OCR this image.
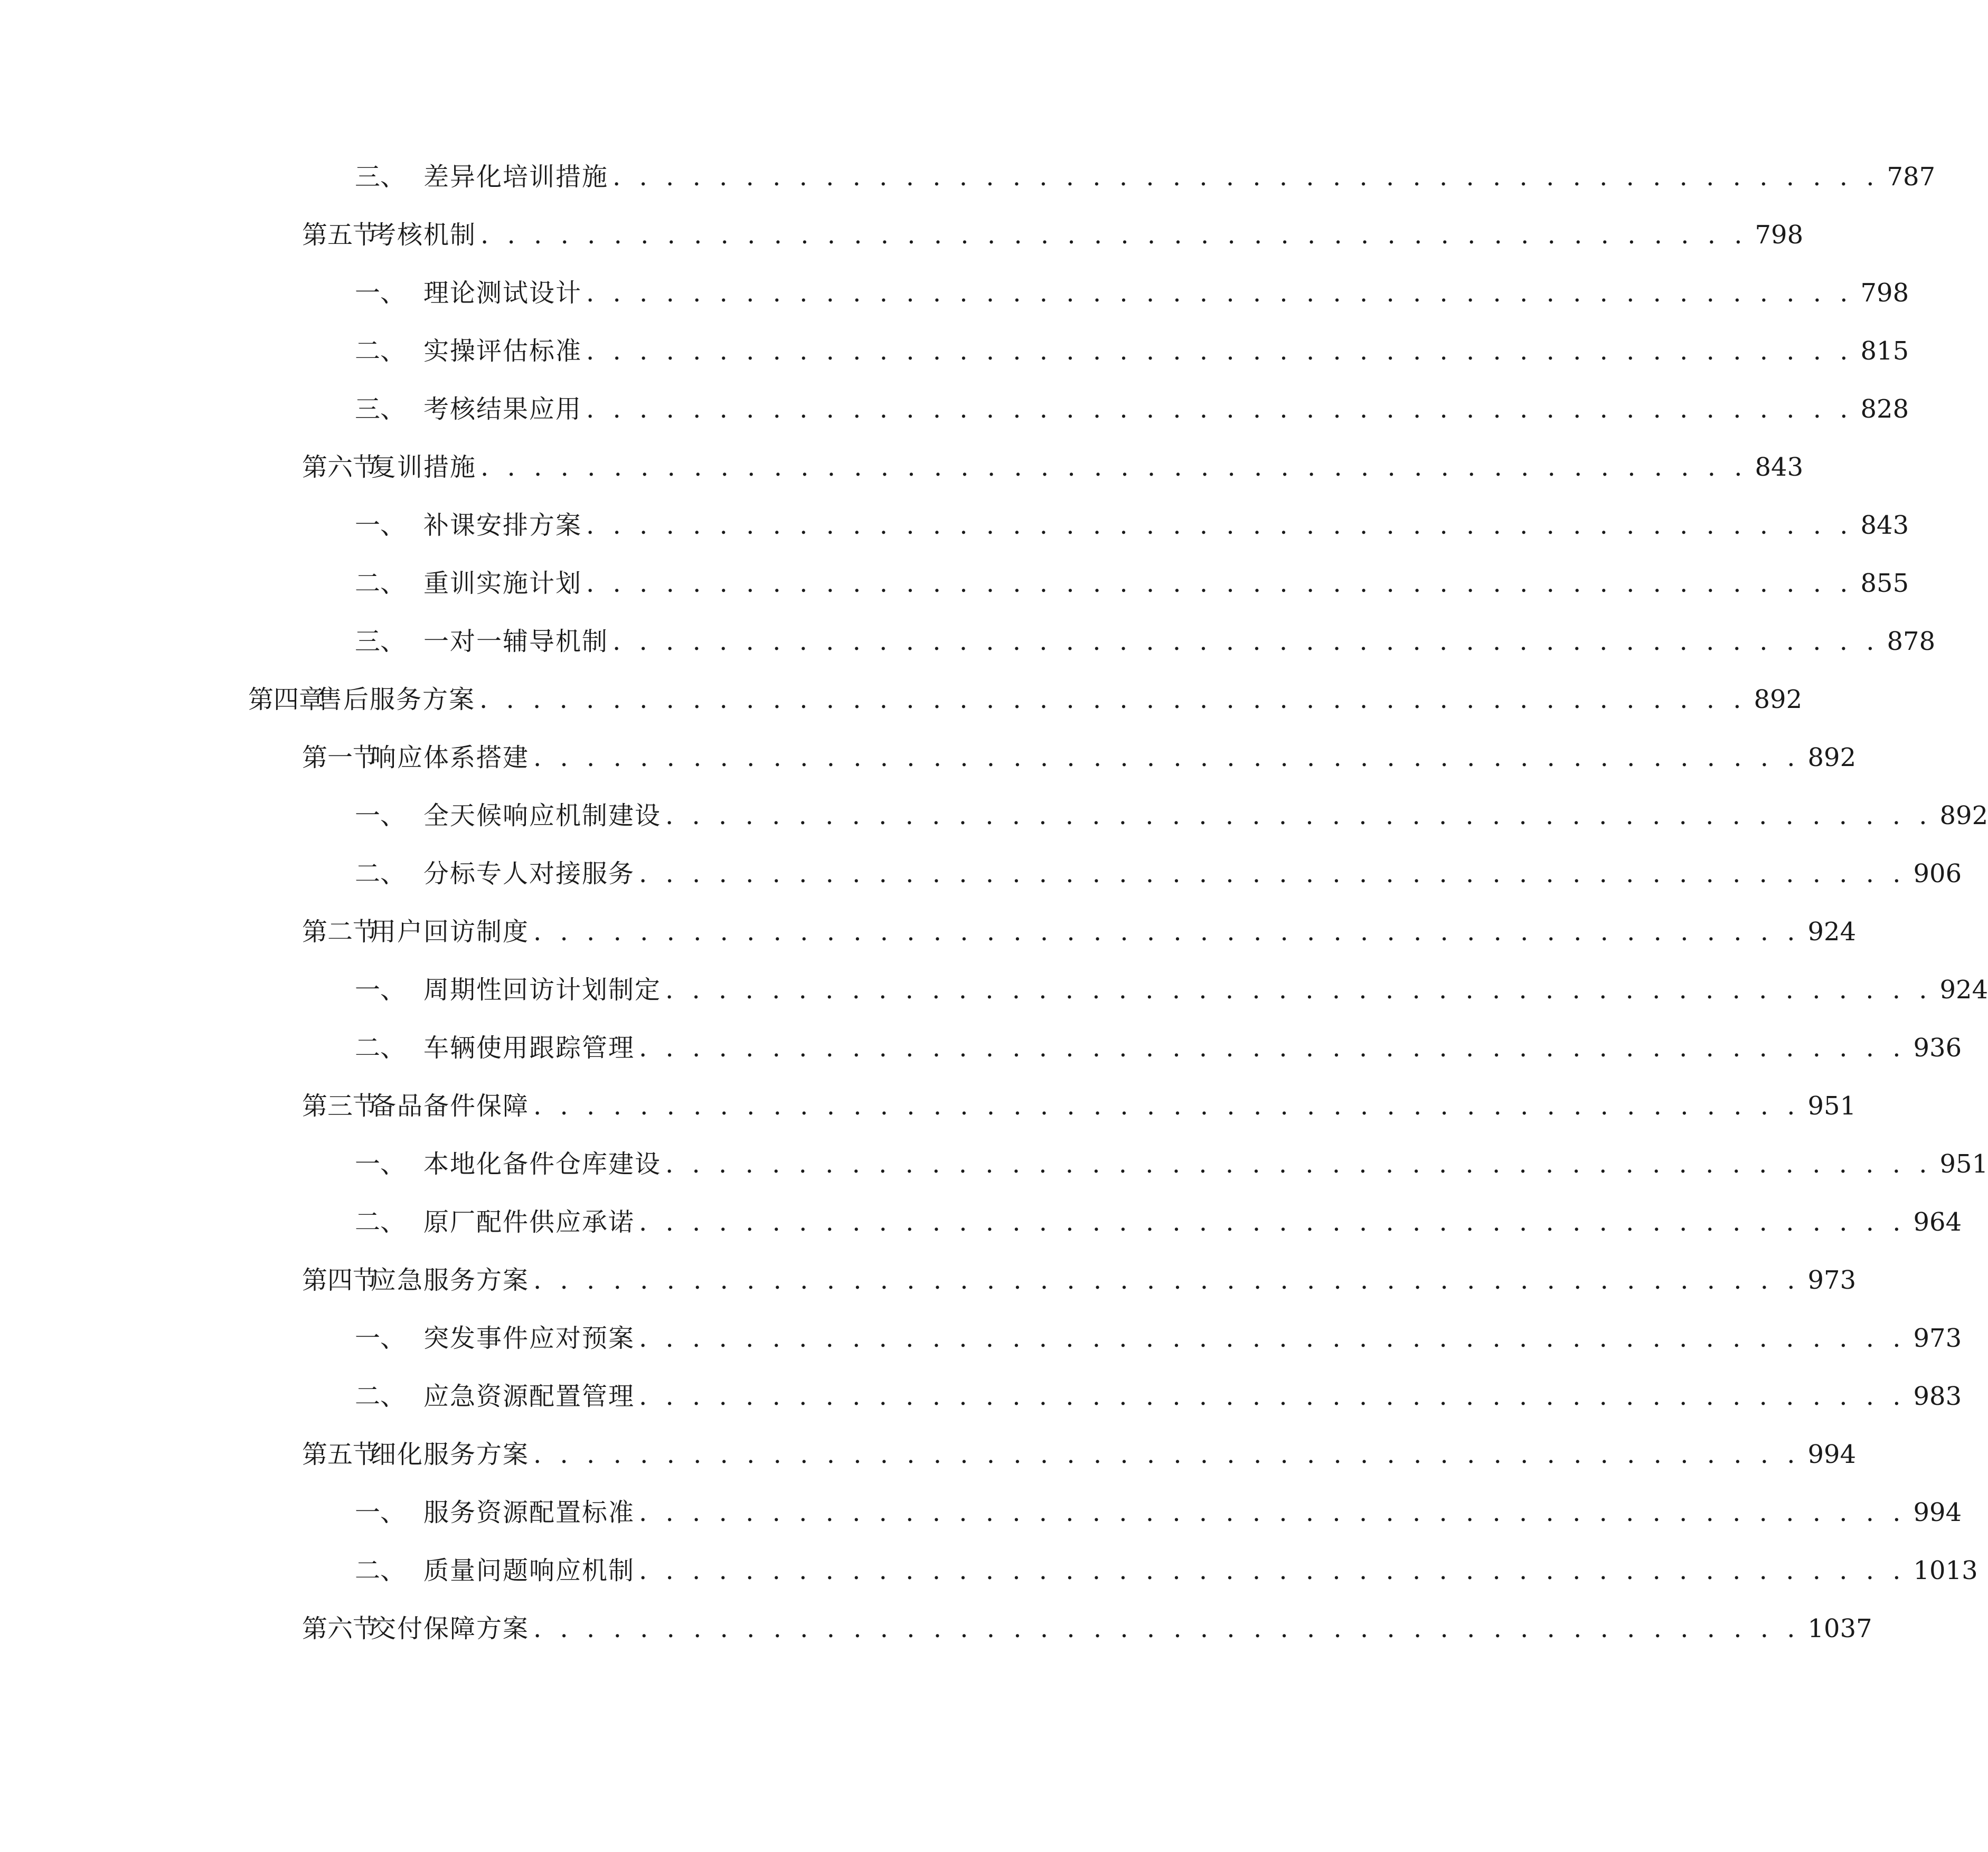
三、 差异化培训措施 . . . . . . . . . . . . . . . . . . . . . . . . . . . . . . . . . . . . . . . . . . . . . . . . 787
第五节
考核机制 . . . . . . . . . . . . . . . . . . . . . . . . . . . . . . . . . . . . . . . . . . . . . . . . 798
一、 理论测试设计 . . . . . . . . . . . . . . . . . . . . . . . . . . . . . . . . . . . . . . . . . . . . . . . . 798
二、 实操评估标准 . . . . . . . . . . . . . . . . . . . . . . . . . . . . . . . . . . . . . . . . . . . . . . . . 815
三、 考核结果应用 . . . . . . . . . . . . . . . . . . . . . . . . . . . . . . . . . . . . . . . . . . . . . . . . 828
第六节
复训措施 . . . . . . . . . . . . . . . . . . . . . . . . . . . . . . . . . . . . . . . . . . . . . . . . 843
一、 补课安排方案 . . . . . . . . . . . . . . . . . . . . . . . . . . . . . . . . . . . . . . . . . . . . . . . . 843
二、 重训实施计划 . . . . . . . . . . . . . . . . . . . . . . . . . . . . . . . . . . . . . . . . . . . . . . . . 855
三、 一对一辅导机制 . . . . . . . . . . . . . . . . . . . . . . . . . . . . . . . . . . . . . . . . . . . . . . . . 878
第四章
售后服务方案 . . . . . . . . . . . . . . . . . . . . . . . . . . . . . . . . . . . . . . . . . . . . . . . . 892
第一节
响应体系搭建 . . . . . . . . . . . . . . . . . . . . . . . . . . . . . . . . . . . . . . . . . . . . . . . . 892
一、 全天候响应机制建设 . . . . . . . . . . . . . . . . . . . . . . . . . . . . . . . . . . . . . . . . . . . . . . . . 892
二、 分标专人对接服务 . . . . . . . . . . . . . . . . . . . . . . . . . . . . . . . . . . . . . . . . . . . . . . . . 906
第二节
用户回访制度 . . . . . . . . . . . . . . . . . . . . . . . . . . . . . . . . . . . . . . . . . . . . . . . . 924
一、 周期性回访计划制定 . . . . . . . . . . . . . . . . . . . . . . . . . . . . . . . . . . . . . . . . . . . . . . . . 924
二、 车辆使用跟踪管理 . . . . . . . . . . . . . . . . . . . . . . . . . . . . . . . . . . . . . . . . . . . . . . . . 936
第三节
备品备件保障 . . . . . . . . . . . . . . . . . . . . . . . . . . . . . . . . . . . . . . . . . . . . . . . . 951
一、 本地化备件仓库建设 . . . . . . . . . . . . . . . . . . . . . . . . . . . . . . . . . . . . . . . . . . . . . . . . 951
二、 原厂配件供应承诺 . . . . . . . . . . . . . . . . . . . . . . . . . . . . . . . . . . . . . . . . . . . . . . . . 964
第四节
应急服务方案 . . . . . . . . . . . . . . . . . . . . . . . . . . . . . . . . . . . . . . . . . . . . . . . . 973
一、 突发事件应对预案 . . . . . . . . . . . . . . . . . . . . . . . . . . . . . . . . . . . . . . . . . . . . . . . . 973
二、 应急资源配置管理 . . . . . . . . . . . . . . . . . . . . . . . . . . . . . . . . . . . . . . . . . . . . . . . . 983
第五节
细化服务方案 . . . . . . . . . . . . . . . . . . . . . . . . . . . . . . . . . . . . . . . . . . . . . . . . 994
一、 服务资源配置标准 . . . . . . . . . . . . . . . . . . . . . . . . . . . . . . . . . . . . . . . . . . . . . . . . 994
二、 质量问题响应机制 . . . . . . . . . . . . . . . . . . . . . . . . . . . . . . . . . . . . . . . . . . . . . . . . 1013
第六节
交付保障方案 . . . . . . . . . . . . . . . . . . . . . . . . . . . . . . . . . . . . . . . . . . . . . . . . 1037
